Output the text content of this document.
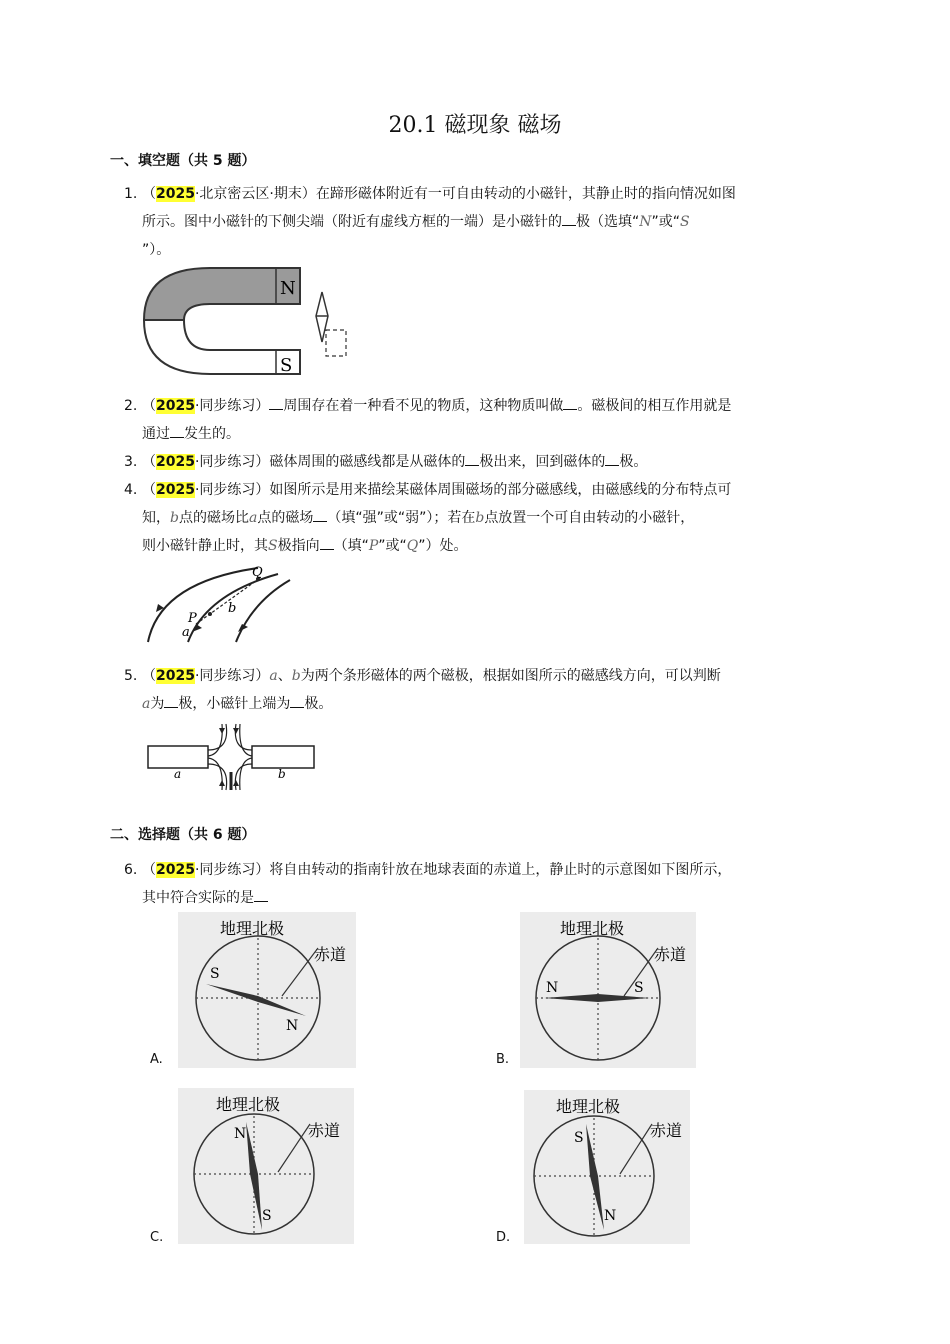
20.1 磁现象 磁场
一、填空题（共 5 题）
1. （2025·北京密云区·期末）在蹄形磁体附近有一可自由转动的小磁针，其静止时的指向情况如图
所示。图中小磁针的下侧尖端（附近有虚线方框的一端）是小磁针的 极（选填“N”或“S
”）。
N
S
2. （2025·同步练习） 周围存在着一种看不见的物质，这种物质叫做 。磁极间的相互作用就是
通过 发生的。
3. （2025·同步练习）磁体周围的磁感线都是从磁体的 极出来，回到磁体的 极。
4. （2025·同步练习）如图所示是用来描绘某磁体周围磁场的部分磁感线，由磁感线的分布特点可
知，b点的磁场比a点的磁场 （填“强”或“弱”）；若在b点放置一个可自由转动的小磁针，
则小磁针静止时，其S极指向 （填“P”或“Q”）处。
Q
P
a
b
5. （2025·同步练习）a、b为两个条形磁体的两个磁极，根据如图所示的磁感线方向，可以判断
a为 极，小磁针上端为 极。
a	b
二、选择题（共 6 题）
6. （2025·同步练习）将自由转动的指南针放在地球表面的赤道上，静止时的示意图如下图所示，
其中符合实际的是
A.
地理北极
赤道
S
N
B.
地理北极
赤道
N	S
C.
地理北极
赤道
N
S
D.
地理北极
赤道
S
N
